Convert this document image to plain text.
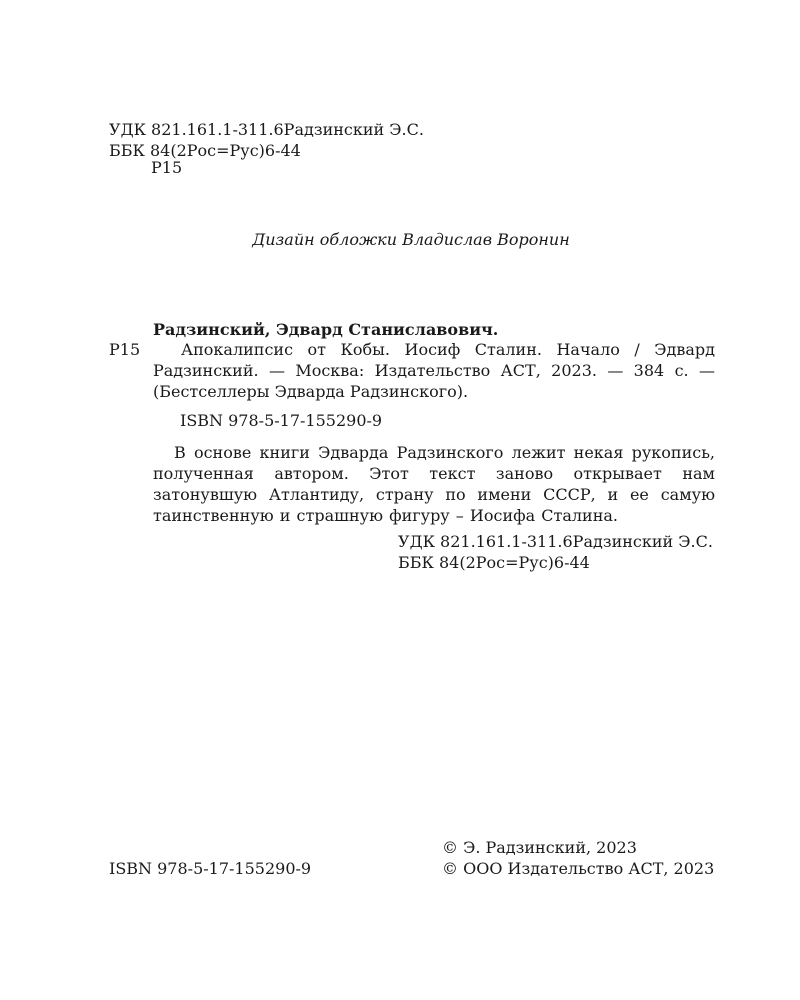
УДК 821.161.1-311.6Радзинский Э.С.

ББК 84(2Рос=Рус)6-44

Р15

Дизайн обложки Владислав Воронин

Радзинский, Эдвард Станиславович.

Р15	Апокалипсис от Кобы. Иосиф Сталин. Начало / Эдвард Радзинский. — Москва: Издательство АСТ, 2023. — 384 с. — (Бестселлеры Эдварда Радзинского).

ISBN 978-5-17-155290-9

В основе книги Эдварда Радзинского лежит некая рукопись, полученная автором. Этот текст заново открывает нам затонувшую Атлантиду, страну по имени СССР, и ее самую таинственную и страшную фигуру – Иосифа Сталина.

УДК 821.161.1-311.6Радзинский Э.С.

ББК 84(2Рос=Рус)6-44

© Э. Радзинский, 2023

© ООО Издательство АСТ, 2023

ISBN 978-5-17-155290-9
